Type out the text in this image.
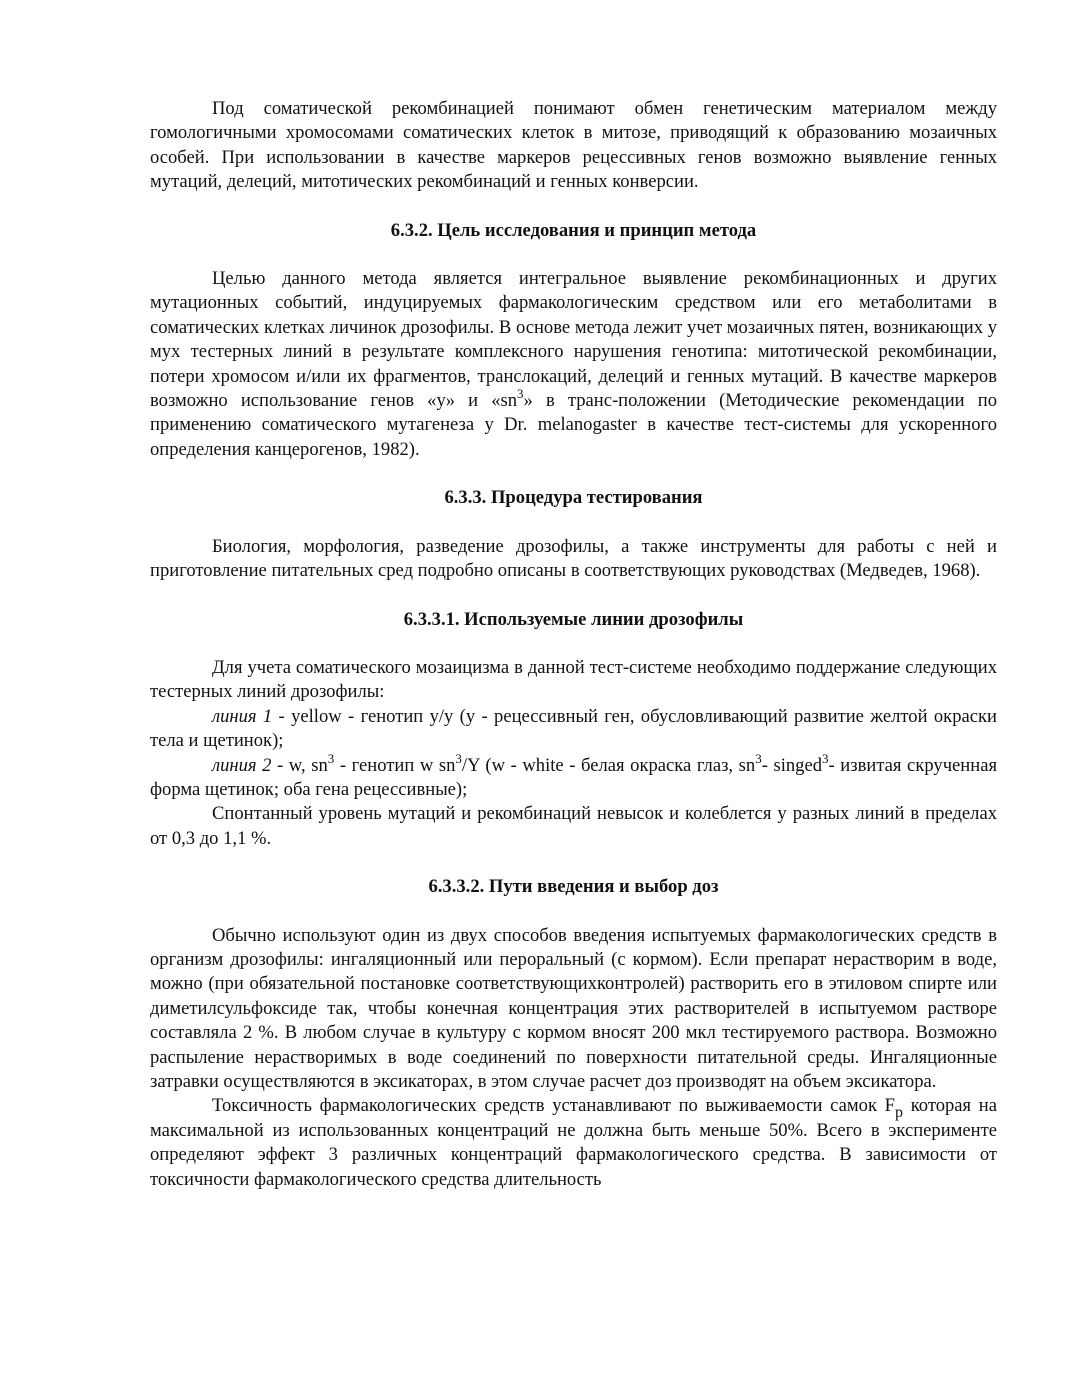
Под соматической рекомбинацией понимают обмен генетическим материалом между гомологичными хромосомами соматических клеток в митозе, приводящий к образованию мозаичных особей. При использовании в качестве маркеров рецессивных генов возможно выявление генных мутаций, делеций, митотических рекомбинаций и генных конверсии.

6.3.2. Цель исследования и принцип метода

Целью данного метода является интегральное выявление рекомбинационных и других мутационных событий, индуцируемых фармакологическим средством или его метаболитами в соматических клетках личинок дрозофилы. В основе метода лежит учет мозаичных пятен, возникающих у мух тестерных линий в результате комплексного нарушения генотипа: митотической рекомбинации, потери хромосом и/или их фрагментов, транслокаций, делеций и генных мутаций. В качестве маркеров возможно использование генов «y» и «$sn^3$» в транс-положении (Методические рекомендации по применению соматического мутагенеза у Dr. melanogaster в качестве тест-системы для ускоренного определения канцерогенов, 1982).

6.3.3. Процедура тестирования

Биология, морфология, разведение дрозофилы, а также инструменты для работы с ней и приготовление питательных сред подробно описаны в соответствующих руководствах (Медведев, 1968).

6.3.3.1. Используемые линии дрозофилы

Для учета соматического мозаицизма в данной тест-системе необходимо поддержание следующих тестерных линий дрозофилы:

линия 1 - yellow - генотип y/y (y - рецессивный ген, обусловливающий развитие желтой окраски тела и щетинок);

линия 2 - w, $sn^3$ - генотип w $sn^3/Y$ (w - white - белая окраска глаз, $sn^3-$ singed$^3$- извитая скрученная форма щетинок; оба гена рецессивные);

Спонтанный уровень мутаций и рекомбинаций невысок и колеблется у разных линий в пределах от 0,3 до 1,1 %.

6.3.3.2. Пути введения и выбор доз

Обычно используют один из двух способов введения испытуемых фармакологических средств в организм дрозофилы: ингаляционный или пероральный (с кормом). Если препарат нерастворим в воде, можно (при обязательной постановке соответствующихконтролей) растворить его в этиловом спирте или диметилсульфоксиде так, чтобы конечная концентрация этих растворителей в испытуемом растворе составляла 2 %. В любом случае в культуру с кормом вносят 200 мкл тестируемого раствора. Возможно распыление нерастворимых в воде соединений по поверхности питательной среды. Ингаляционные затравки осуществляются в эксикаторах, в этом случае расчет доз производят на объем эксикатора.

Токсичность фармакологических средств устанавливают по выживаемости самок $F_p$ которая на максимальной из использованных концентраций не должна быть меньше 50%. Всего в эксперименте определяют эффект 3 различных концентраций фармакологического средства. В зависимости от токсичности фармакологического средства длительность
